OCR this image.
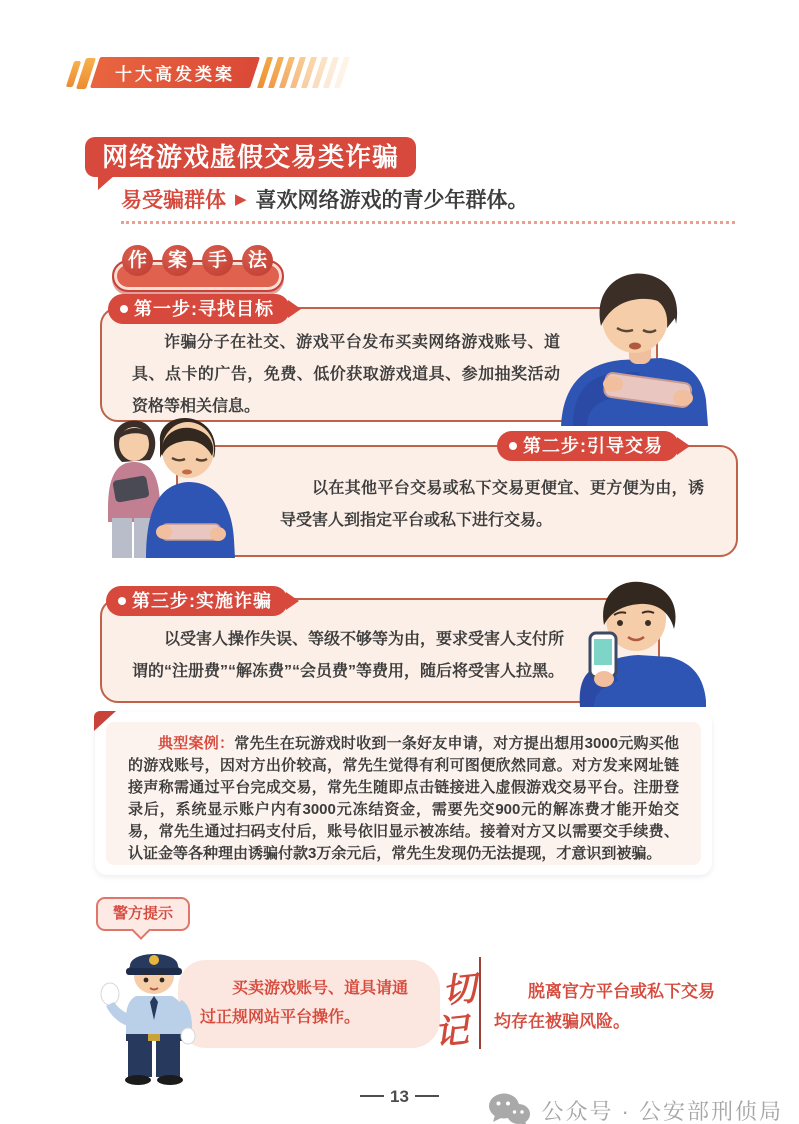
十大高发类案
网络游戏虚假交易类诈骗
易受骗群体 ▶ 喜欢网络游戏的青少年群体。
作	案	手	法
第一步:寻找目标

诈骗分子在社交、游戏平台发布买卖网络游戏账号、道具、点卡的广告，免费、低价获取游戏道具、参加抽奖活动资格等相关信息。

以在其他平台交易或私下交易更便宜、更方便为由，诱导受害人到指定平台或私下进行交易。

第二步:引导交易
第三步:实施诈骗

以受害人操作失误、等级不够等为由，要求受害人支付所谓的“注册费”“解冻费”“会员费”等费用，随后将受害人拉黑。

典型案例：常先生在玩游戏时收到一条好友申请，对方提出想用3000元购买他的游戏账号，因对方出价较高，常先生觉得有利可图便欣然同意。对方发来网址链接声称需通过平台完成交易，常先生随即点击链接进入虚假游戏交易平台。注册登录后，系统显示账户内有3000元冻结资金，需要先交900元的解冻费才能开始交易，常先生通过扫码支付后，账号依旧显示被冻结。接着对方又以需要交手续费、认证金等各种理由诱骗付款3万余元后，常先生发现仍无法提现，才意识到被骗。

警方提示

买卖游戏账号、道具请通过正规网站平台操作。

切
记

脱离官方平台或私下交易均存在被骗风险。

13
公众号 · 公安部刑侦局
